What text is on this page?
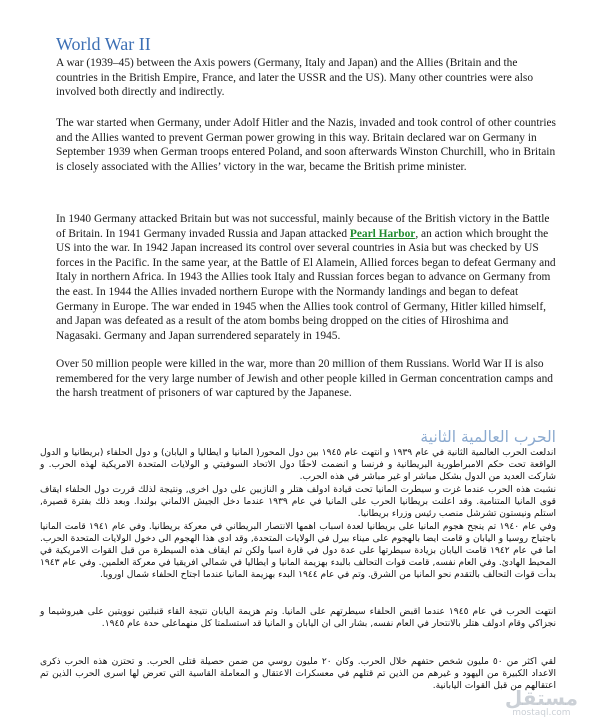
World War II

A war (1939–45) between the Axis powers (Germany, Italy and Japan) and the Allies (Britain and the countries in the British Empire, France, and later the USSR and the US). Many other countries were also involved both directly and indirectly.

The war started when Germany, under Adolf Hitler and the Nazis, invaded and took control of other countries and the Allies wanted to prevent German power growing in this way. Britain declared war on Germany in September 1939 when German troops entered Poland, and soon afterwards Winston Churchill, who in Britain is closely associated with the Allies’ victory in the war, became the British prime minister.

In 1940 Germany attacked Britain but was not successful, mainly because of the British victory in the Battle of Britain. In 1941 Germany invaded Russia and Japan attacked Pearl Harbor, an action which brought the US into the war. In 1942 Japan increased its control over several countries in Asia but was checked by US forces in the Pacific. In the same year, at the Battle of El Alamein, Allied forces began to defeat Germany and Italy in northern Africa. In 1943 the Allies took Italy and Russian forces began to advance on Germany from the east. In 1944 the Allies invaded northern Europe with the Normandy landings and began to defeat Germany in Europe. The war ended in 1945 when the Allies took control of Germany, Hitler killed himself, and Japan was defeated as a result of the atom bombs being dropped on the cities of Hiroshima and Nagasaki. Germany and Japan surrendered separately in 1945.

Over 50 million people were killed in the war, more than 20 million of them Russians. World War II is also remembered for the very large number of Jewish and other people killed in German concentration camps and the harsh treatment of prisoners of war captured by the Japanese.

الحرب العالمية الثانية

اندلعت الحرب العالمية الثانية في عام ١٩٣٩ و انتهت عام ١٩٤٥ بين دول المحور( المانيا و ايطاليا و اليابان) و دول الحلفاء (بريطانيا و الدول الواقعة تحت حكم الامبراطورية البريطانية و فرنسا و انضمت لاحقًا دول الاتحاد السوفيتي و الولايات المتحدة الامريكية لهذه الحرب. و شاركت العديد من الدول بشكل مباشر او غير مباشر في هذه الحرب.

نشبت هذه الحرب عندما غزت و سيطرت المانيا تحت قيادة ادولف هتلر و النازيين على دول اخرى, ونتيجة لذلك قررت دول الحلفاء ايقاف قوى المانيا المتنامية. وقد اعلنت بريطانيا الحرب على المانيا في عام ١٩٣٩ عندما دخل الجيش الالماني بولندا. وبعد ذلك بفترة قصيرة, استلم ونيستون تشرشل منصب رئيس وزراء بريطانيا.

وفي عام ١٩٤٠ تم ينجح هجوم المانيا على بريطانيا لعدة اسباب اهمها الانتصار البريطاني في معركة بريطانيا. وفي عام ١٩٤١ قامت المانيا باجتياح روسيا و اليابان و قامت ايضا بالهجوم على ميناء بيرل في الولايات المتحدة, وقد ادى هذا الهجوم الى دخول الولايات المتحدة الحرب. اما في عام ١٩٤٢ قامت اليابان بزيادة سيطرتها على عدة دول في قارة اسيا ولكن تم ايقاف هذه السيطرة من قبل القوات الامريكية في المحيط الهادئ. وفي العام نفسه, قامت قوات التحالف بالبدء بهزيمة المانيا و ايطاليا في شمالي افريقيا في معركة العلمين. وفي عام ١٩٤٣ بدأت قوات التحالف بالتقدم نحو المانيا من الشرق. وتم في عام ١٩٤٤ البدء بهزيمة المانيا عندما اجتاح الحلفاء شمال اوروبا.

انتهت الحرب في عام ١٩٤٥ عندما اقبض الحلفاء سيطرتهم على المانيا. وتم هزيمة اليابان نتيجة القاء قنبلتين نوويتين على هيروشيما و نجزاكي وقام ادولف هتلر بالانتحار في العام نفسه, بشار الى ان اليابان و المانيا قد استسلمتا كل منهماعلى حدة عام ١٩٤٥.

لقي اكثر من ٥٠ مليون شخص حتفهم خلال الحرب. وكان ٢٠ مليون روسي من ضمن حصيلة قتلى الحرب. و تحتزن هذه الحرب ذكرى الاعداد الكبيرة من اليهود و غيرهم من الذين تم قتلهم في معسكرات الاعتقال و المعاملة القاسية التي تعرض لها اسرى الحرب الذين تم اعتقالهم من قبل القوات اليابانية.

مستقل
mostaql.com
